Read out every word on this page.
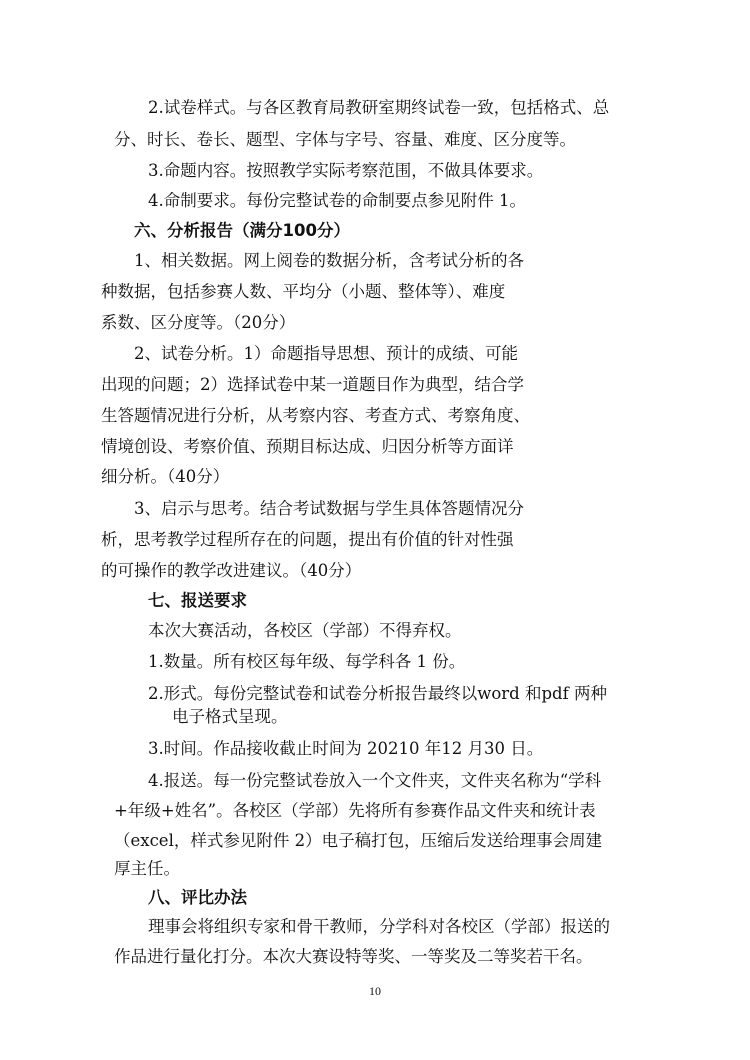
2.试卷样式。与各区教育局教研室期终试卷一致，包括格式、总
分、时长、卷长、题型、字体与字号、容量、难度、区分度等。
3.命题内容。按照教学实际考察范围，不做具体要求。
4.命制要求。每份完整试卷的命制要点参见附件 1。
六、分析报告（满分100分）
1、相关数据。网上阅卷的数据分析，含考试分析的各
种数据，包括参赛人数、平均分（小题、整体等）、难度
系数、区分度等。（20分）
2、试卷分析。1）命题指导思想、预计的成绩、可能
出现的问题；2）选择试卷中某一道题目作为典型，结合学
生答题情况进行分析，从考察内容、考查方式、考察角度、
情境创设、考察价值、预期目标达成、归因分析等方面详
细分析。（40分）
3、启示与思考。结合考试数据与学生具体答题情况分
析，思考教学过程所存在的问题，提出有价值的针对性强
的可操作的教学改进建议。（40分）
七、报送要求
本次大赛活动，各校区（学部）不得弃权。
1.数量。所有校区每年级、每学科各 1 份。
2.形式。每份完整试卷和试卷分析报告最终以word 和pdf 两种
电子格式呈现。
3.时间。作品接收截止时间为 20210 年12 月30 日。
4.报送。每一份完整试卷放入一个文件夹，文件夹名称为“学科
+年级+姓名”。各校区（学部）先将所有参赛作品文件夹和统计表
（excel，样式参见附件 2）电子稿打包，压缩后发送给理事会周建
厚主任。
八、评比办法
理事会将组织专家和骨干教师，分学科对各校区（学部）报送的
作品进行量化打分。本次大赛设特等奖、一等奖及二等奖若干名。
10
